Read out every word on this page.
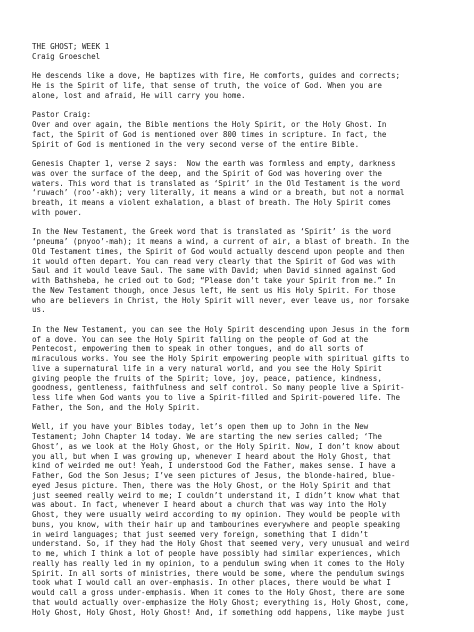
THE GHOST; WEEK 1
Craig Groeschel

He descends like a dove, He baptizes with fire, He comforts, guides and corrects;
He is the Spirit of life, that sense of truth, the voice of God. When you are
alone, lost and afraid, He will carry you home.

Pastor Craig:
Over and over again, the Bible mentions the Holy Spirit, or the Holy Ghost. In
fact, the Spirit of God is mentioned over 800 times in scripture. In fact, the
Spirit of God is mentioned in the very second verse of the entire Bible.

Genesis Chapter 1, verse 2 says:  Now the earth was formless and empty, darkness
was over the surface of the deep, and the Spirit of God was hovering over the
waters. This word that is translated as ‘Spirit’ in the Old Testament is the word
‘ruwach’ (roo’-akh); very literally, it means a wind or a breath, but not a normal
breath, it means a violent exhalation, a blast of breath. The Holy Spirit comes
with power.

In the New Testament, the Greek word that is translated as ‘Spirit’ is the word
‘pneuma’ (pnyoo’-mah); it means a wind, a current of air, a blast of breath. In the
Old Testament times, the Spirit of God would actually descend upon people and then
it would often depart. You can read very clearly that the Spirit of God was with
Saul and it would leave Saul. The same with David; when David sinned against God
with Bathsheba, he cried out to God; “Please don’t take your Spirit from me.” In
the New Testament though, once Jesus left, He sent us His Holy Spirit. For those
who are believers in Christ, the Holy Spirit will never, ever leave us, nor forsake
us.

In the New Testament, you can see the Holy Spirit descending upon Jesus in the form
of a dove. You can see the Holy Spirit falling on the people of God at the
Pentecost, empowering them to speak in other tongues, and do all sorts of
miraculous works. You see the Holy Spirit empowering people with spiritual gifts to
live a supernatural life in a very natural world, and you see the Holy Spirit
giving people the fruits of the Spirit; love, joy, peace, patience, kindness,
goodness, gentleness, faithfulness and self control. So many people live a Spirit-
less life when God wants you to live a Spirit-filled and Spirit-powered life. The
Father, the Son, and the Holy Spirit.

Well, if you have your Bibles today, let’s open them up to John in the New
Testament; John Chapter 14 today. We are starting the new series called; ‘The
Ghost’, as we look at the Holy Ghost, or the Holy Spirit. Now, I don’t know about
you all, but when I was growing up, whenever I heard about the Holy Ghost, that
kind of weirded me out! Yeah, I understood God the Father, makes sense. I have a
Father, God the Son Jesus; I’ve seen pictures of Jesus, the blonde-haired, blue-
eyed Jesus picture. Then, there was the Holy Ghost, or the Holy Spirit and that
just seemed really weird to me; I couldn’t understand it, I didn’t know what that
was about. In fact, whenever I heard about a church that was way into the Holy
Ghost, they were usually weird according to my opinion. They would be people with
buns, you know, with their hair up and tambourines everywhere and people speaking
in weird languages; that just seemed very foreign, something that I didn’t
understand. So, if they had the Holy Ghost that seemed very, very unusual and weird
to me, which I think a lot of people have possibly had similar experiences, which
really has really led in my opinion, to a pendulum swing when it comes to the Holy
Spirit. In all sorts of ministries, there would be some, where the pendulum swings
took what I would call an over-emphasis. In other places, there would be what I
would call a gross under-emphasis. When it comes to the Holy Ghost, there are some
that would actually over-emphasize the Holy Ghost; everything is, Holy Ghost, come,
Holy Ghost, Holy Ghost, Holy Ghost! And, if something odd happens, like maybe just
